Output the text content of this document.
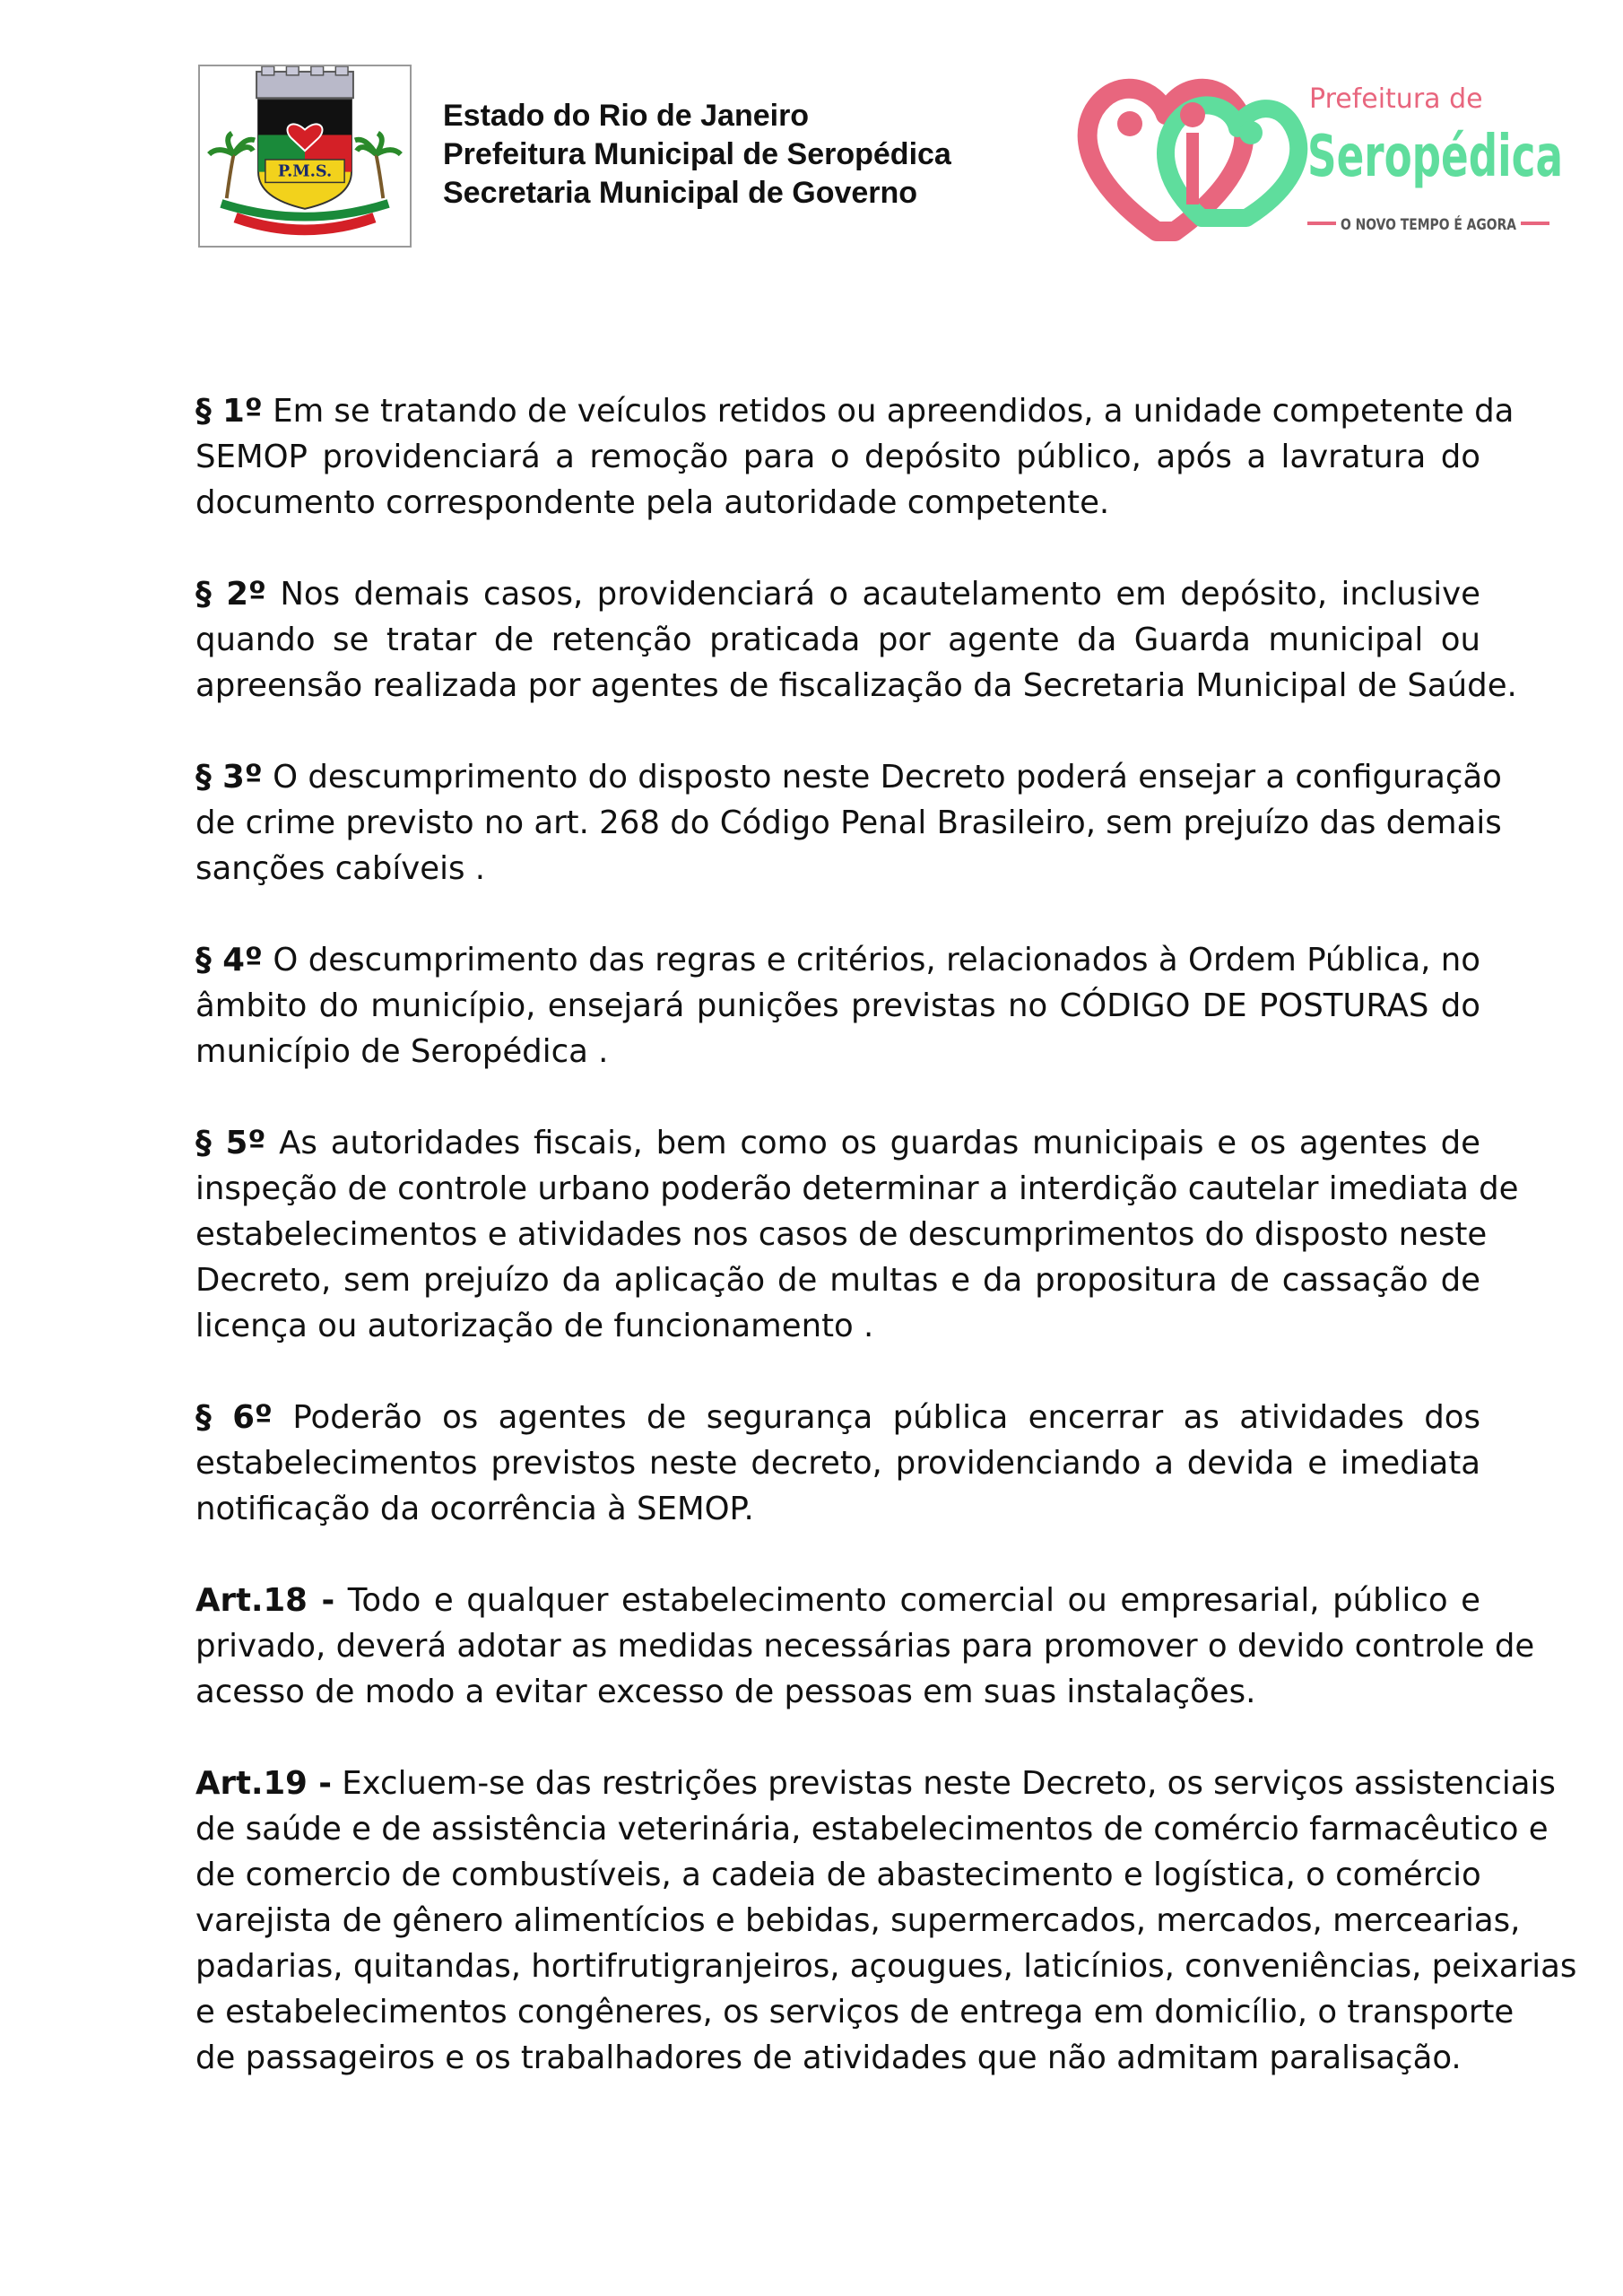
P.M.S.
Estado do Rio de Janeiro
Prefeitura Municipal de Seropédica
Secretaria Municipal de Governo
Prefeitura de
Seropédica
O NOVO TEMPO É AGORA
§ 1º Em se tratando de veículos retidos ou apreendidos, a unidade competente da
SEMOP providenciará a remoção para o depósito público, após a lavratura do
documento correspondente pela autoridade competente.
§ 2º Nos demais casos, providenciará o acautelamento em depósito, inclusive
quando se tratar de retenção praticada por agente da Guarda municipal ou
apreensão realizada por agentes de fiscalização da Secretaria Municipal de Saúde.
§ 3º O descumprimento do disposto neste Decreto poderá ensejar a configuração
de crime previsto no art. 268 do Código Penal Brasileiro, sem prejuízo das demais
sanções cabíveis .
§ 4º O descumprimento das regras e critérios, relacionados à Ordem Pública, no
âmbito do município, ensejará punições previstas no CÓDIGO DE POSTURAS do
município de Seropédica .
§ 5º As autoridades fiscais, bem como os guardas municipais e os agentes de
inspeção de controle urbano poderão determinar a interdição cautelar imediata de
estabelecimentos e atividades nos casos de descumprimentos do disposto neste
Decreto, sem prejuízo da aplicação de multas e da propositura de cassação de
licença ou autorização de funcionamento .
§ 6º Poderão os agentes de segurança pública encerrar as atividades dos
estabelecimentos previstos neste decreto, providenciando a devida e imediata
notificação da ocorrência à SEMOP.
Art.18 - Todo e qualquer estabelecimento comercial ou empresarial, público e
privado, deverá adotar as medidas necessárias para promover o devido controle de
acesso de modo a evitar excesso de pessoas em suas instalações.
Art.19 - Excluem-se das restrições previstas neste Decreto, os serviços assistenciais
de saúde e de assistência veterinária, estabelecimentos de comércio farmacêutico e
de comercio de combustíveis, a cadeia de abastecimento e logística, o comércio
varejista de gênero alimentícios e bebidas, supermercados, mercados, mercearias,
padarias, quitandas, hortifrutigranjeiros, açougues, laticínios, conveniências, peixarias
e estabelecimentos congêneres, os serviços de entrega em domicílio, o transporte
de passageiros e os trabalhadores de atividades que não admitam paralisação.
